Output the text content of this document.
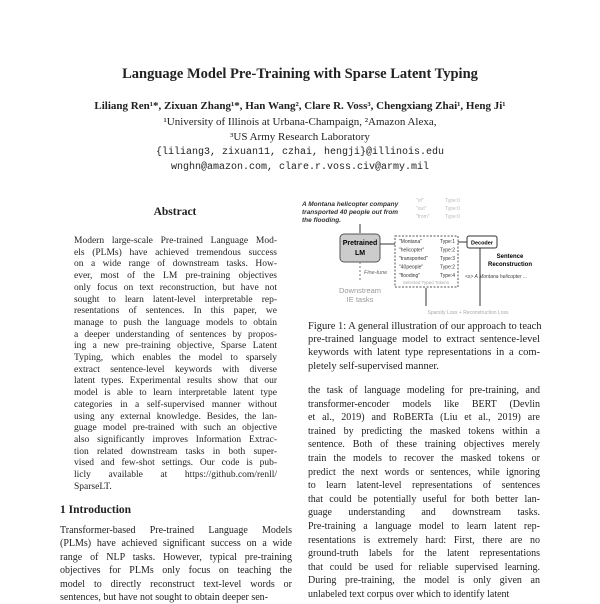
Language Model Pre-Training with Sparse Latent Typing
Liliang Ren¹*, Zixuan Zhang¹*, Han Wang², Clare R. Voss³, Chengxiang Zhai¹, Heng Ji¹
¹University of Illinois at Urbana-Champaign, ²Amazon Alexa,
³US Army Research Laboratory
{liliang3, zixuan11, czhai, hengji}@illinois.edu
wnghn@amazon.com, clare.r.voss.civ@army.mil
Abstract
Modern large-scale Pre-trained Language Mod-
els (PLMs) have achieved tremendous success
on a wide range of downstream tasks. How-
ever, most of the LM pre-training objectives
only focus on text reconstruction, but have not
sought to learn latent-level interpretable rep-
resentations of sentences. In this paper, we
manage to push the language models to obtain
a deeper understanding of sentences by propos-
ing a new pre-training objective, Sparse Latent
Typing, which enables the model to sparsely
extract sentence-level keywords with diverse
latent types. Experimental results show that our
model is able to learn interpretable latent type
categories in a self-supervised manner without
using any external knowledge. Besides, the lan-
guage model pre-trained with such an objective
also significantly improves Information Extrac-
tion related downstream tasks in both super-
vised and few-shot settings. Our code is pub-
licly available at https://github.com/renll/
SparseLT.
1 Introduction
Transformer-based Pre-trained Language Models
(PLMs) have achieved significant success on a wide
range of NLP tasks. However, typical pre-training
objectives for PLMs only focus on teaching the
model to directly reconstruct text-level words or
sentences, but have not sought to obtain deeper sen-
A Montana helicopter company
transported 40 people out from
the flooding.
Pretrained
LM
Fine-tune
Downstream
IE tasks
"of"	Type:0
"out"	Type:0
"from"	Type:0
"Montana"	Type:1
"helicopter"	Type:2
"transported" Type:3
"40people"	Type:2
"flooding"	Type:4
Selected Typed Tokens
Decoder
Sentence
Reconstruction
<s> A Montana helicopter ...
Sparsity Loss + Reconstruction Loss
Figure 1: A general illustration of our approach to teach
pre-trained language model to extract sentence-level
keywords with latent type representations in a com-
pletely self-supervised manner.
the task of language modeling for pre-training, and
transformer-encoder models like BERT (Devlin
et al., 2019) and RoBERTa (Liu et al., 2019) are
trained by predicting the masked tokens within a
sentence. Both of these training objectives merely
train the models to recover the masked tokens or
predict the next words or sentences, while ignoring
to learn latent-level representations of sentences
that could be potentially useful for both better lan-
guage understanding and downstream tasks.
Pre-training a language model to learn latent rep-
resentations is extremely hard: First, there are no
ground-truth labels for the latent representations
that could be used for reliable supervised learning.
During pre-training, the model is only given an
unlabeled text corpus over which to identify latent
